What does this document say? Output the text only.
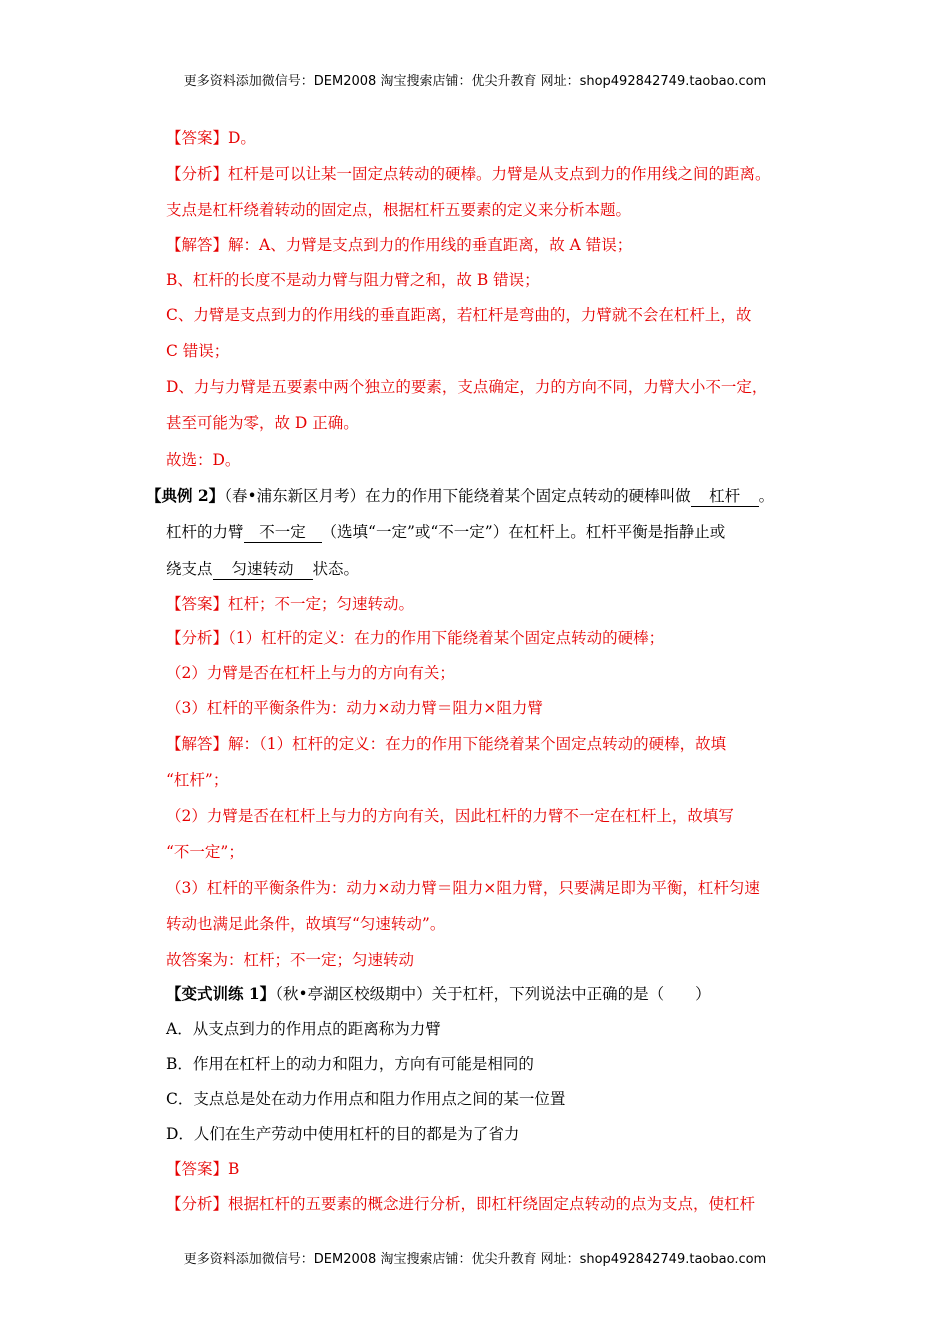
更多资料添加微信号：DEM2008 淘宝搜索店铺：优尖升教育 网址：shop492842749.taobao.com
【答案】D。
【分析】杠杆是可以让某一固定点转动的硬棒。力臂是从支点到力的作用线之间的距离。
支点是杠杆绕着转动的固定点，根据杠杆五要素的定义来分析本题。
【解答】解：A、力臂是支点到力的作用线的垂直距离，故 A 错误；
B、杠杆的长度不是动力臂与阻力臂之和，故 B 错误；
C、力臂是支点到力的作用线的垂直距离，若杠杆是弯曲的，力臂就不会在杠杆上，故
C 错误；
D、力与力臂是五要素中两个独立的要素，支点确定，力的方向不同，力臂大小不一定，
甚至可能为零，故 D 正确。
故选：D。
【典例 2】（春•浦东新区月考）在力的作用下能绕着某个固定点转动的硬棒叫做 杠杆 。
杠杆的力臂 不一定 （选填“一定”或“不一定”）在杠杆上。杠杆平衡是指静止或
绕支点 匀速转动 状态。
【答案】杠杆；不一定；匀速转动。
【分析】（1）杠杆的定义：在力的作用下能绕着某个固定点转动的硬棒；
（2）力臂是否在杠杆上与力的方向有关；
（3）杠杆的平衡条件为：动力×动力臂＝阻力×阻力臂
【解答】解：（1）杠杆的定义：在力的作用下能绕着某个固定点转动的硬棒，故填
“杠杆”；
（2）力臂是否在杠杆上与力的方向有关，因此杠杆的力臂不一定在杠杆上，故填写
“不一定”；
（3）杠杆的平衡条件为：动力×动力臂＝阻力×阻力臂，只要满足即为平衡，杠杆匀速
转动也满足此条件，故填写“匀速转动”。
故答案为：杠杆；不一定；匀速转动
【变式训练 1】（秋•亭湖区校级期中）关于杠杆，下列说法中正确的是（　　）
A．从支点到力的作用点的距离称为力臂
B．作用在杠杆上的动力和阻力，方向有可能是相同的
C．支点总是处在动力作用点和阻力作用点之间的某一位置
D．人们在生产劳动中使用杠杆的目的都是为了省力
【答案】B
【分析】根据杠杆的五要素的概念进行分析，即杠杆绕固定点转动的点为支点，使杠杆
更多资料添加微信号：DEM2008 淘宝搜索店铺：优尖升教育 网址：shop492842749.taobao.com
